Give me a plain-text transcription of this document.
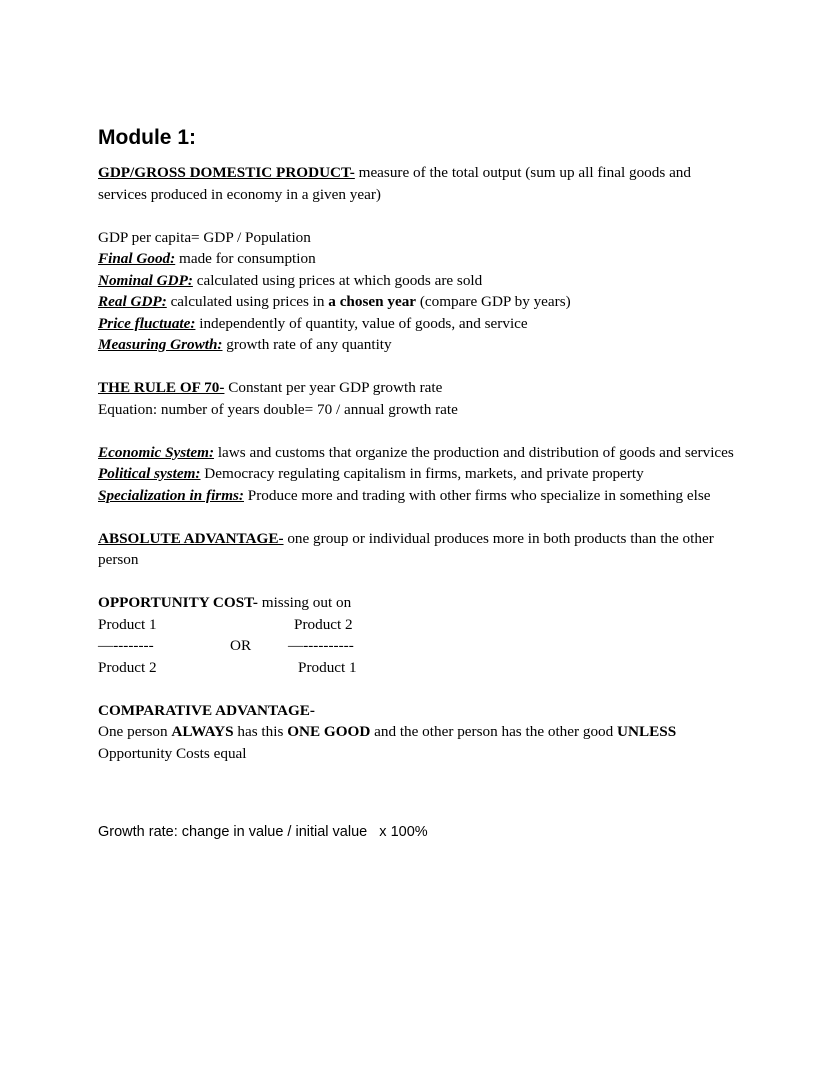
Module 1:

GDP/GROSS DOMESTIC PRODUCT- measure of the total output (sum up all final goods and services produced in economy in a given year)

GDP per capita= GDP / Population

Final Good: made for consumption

Nominal GDP: calculated using prices at which goods are sold

Real GDP: calculated using prices in a chosen year (compare GDP by years)

Price fluctuate: independently of quantity, value of goods, and service

Measuring Growth: growth rate of any quantity

THE RULE OF 70- Constant per year GDP growth rate

Equation: number of years double= 70 / annual growth rate

Economic System: laws and customs that organize the production and distribution of goods and services

Political system: Democracy regulating capitalism in firms, markets, and private property

Specialization in firms: Produce more and trading with other firms who specialize in something else

ABSOLUTE ADVANTAGE- one group or individual produces more in both products than the other person

OPPORTUNITY COST- missing out on

Product 1	Product 2
—--------	OR —----------
Product 2	Product 1

COMPARATIVE ADVANTAGE-

One person ALWAYS has this ONE GOOD and the other person has the other good UNLESS Opportunity Costs equal

Growth rate: change in value / initial value   x 100%
